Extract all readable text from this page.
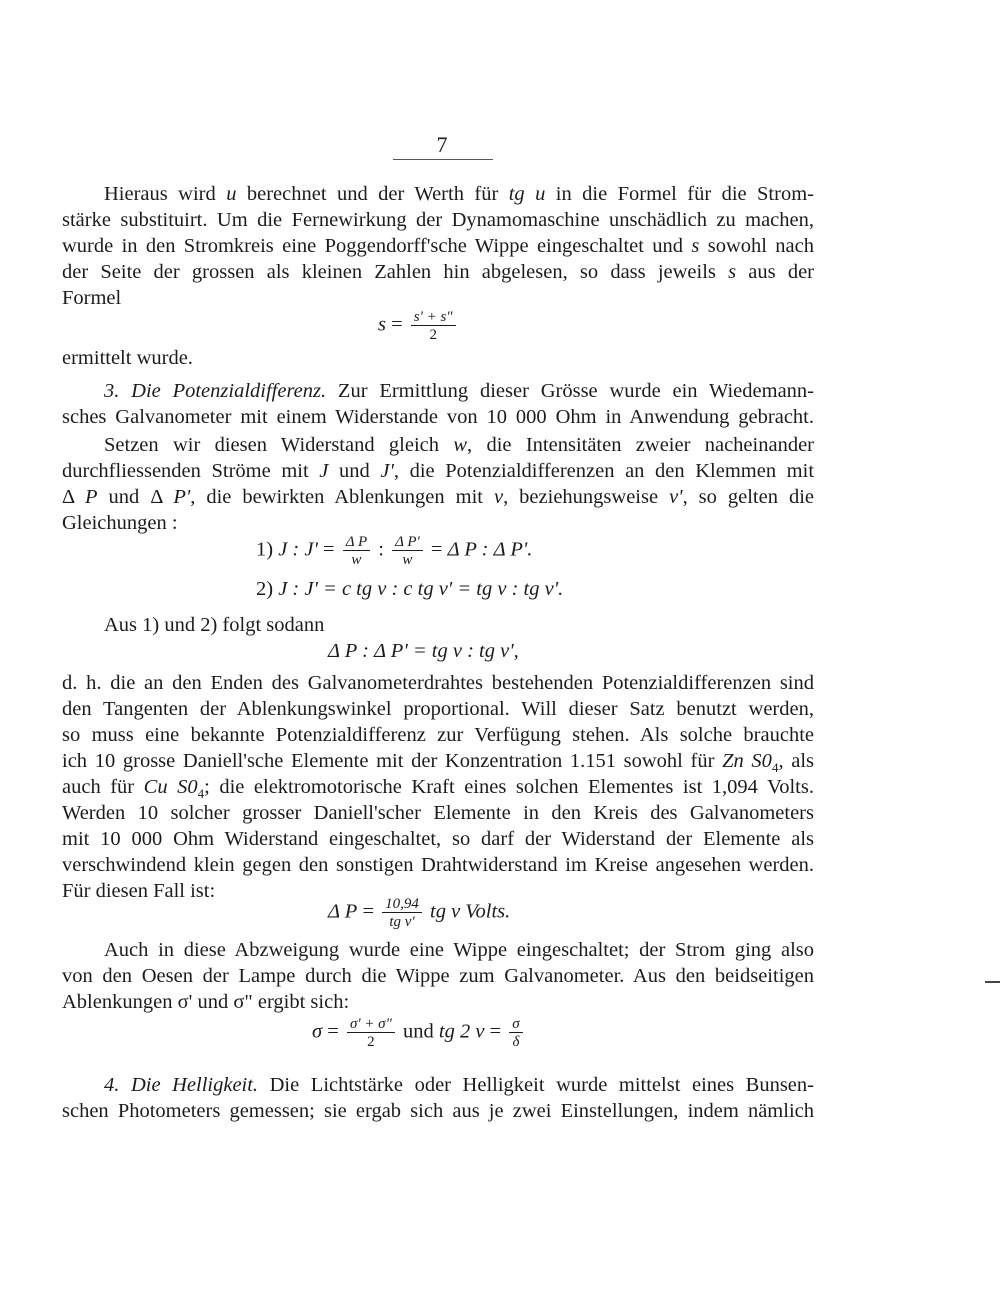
7
Hieraus wird u berechnet und der Werth für tg u in die Formel für die Strom-
stärke substituirt. Um die Fernewirkung der Dynamomaschine unschädlich zu machen,
wurde in den Stromkreis eine Poggendorff'sche Wippe eingeschaltet und s sowohl nach
der Seite der grossen als kleinen Zahlen hin abgelesen, so dass jeweils s aus der
Formel
$s = \frac{s' + s"}{2}$
ermittelt wurde.
3. Die Potenzialdifferenz. Zur Ermittlung dieser Grösse wurde ein Wiedemann-
sches Galvanometer mit einem Widerstande von 10 000 Ohm in Anwendung gebracht.
Setzen wir diesen Widerstand gleich w, die Intensitäten zweier nacheinander
durchfliessenden Ströme mit J und J', die Potenzialdifferenzen an den Klemmen mit
Δ P und Δ P', die bewirkten Ablenkungen mit v, beziehungsweise v', so gelten die
Gleichungen :
1) J : $J' = \frac{\text{Δ P}}{w}$ : $\frac{\text{Δ P'}}{w} = \Delta$ P : Δ P'.
2) J : J' = c tg v : c tg v' = tg v : tg v'.
Aus 1) und 2) folgt sodann
Δ P : Δ P' = tg v : tg v',
d. h. die an den Enden des Galvanometerdrahtes bestehenden Potenzialdifferenzen sind
den Tangenten der Ablenkungswinkel proportional. Will dieser Satz benutzt werden,
so muss eine bekannte Potenzialdifferenz zur Verfügung stehen. Als solche brauchte
ich 10 grosse Daniell'sche Elemente mit der Konzentration 1.151 sowohl für Zn $S0_4$, als
auch für Cu $S0_4$; die elektromotorische Kraft eines solchen Elementes ist 1,094 Volts.
Werden 10 solcher grosser Daniell'scher Elemente in den Kreis des Galvanometers
mit 10 000 Ohm Widerstand eingeschaltet, so darf der Widerstand der Elemente als
verschwindend klein gegen den sonstigen Drahtwiderstand im Kreise angesehen werden.
Für diesen Fall ist:
Δ $P = \frac{10,94}{\text{tg v'}}$ tg v Volts.
Auch in diese Abzweigung wurde eine Wippe eingeschaltet; der Strom ging also
von den Oesen der Lampe durch die Wippe zum Galvanometer. Aus den beidseitigen
Ablenkungen σ' und σ" ergibt sich:
$\sigma = \frac{\sigma' + \sigma"}{2}$ und tg 2 $v = \frac{\sigma}{\delta}$
4. Die Helligkeit. Die Lichtstärke oder Helligkeit wurde mittelst eines Bunsen-
schen Photometers gemessen; sie ergab sich aus je zwei Einstellungen, indem nämlich
